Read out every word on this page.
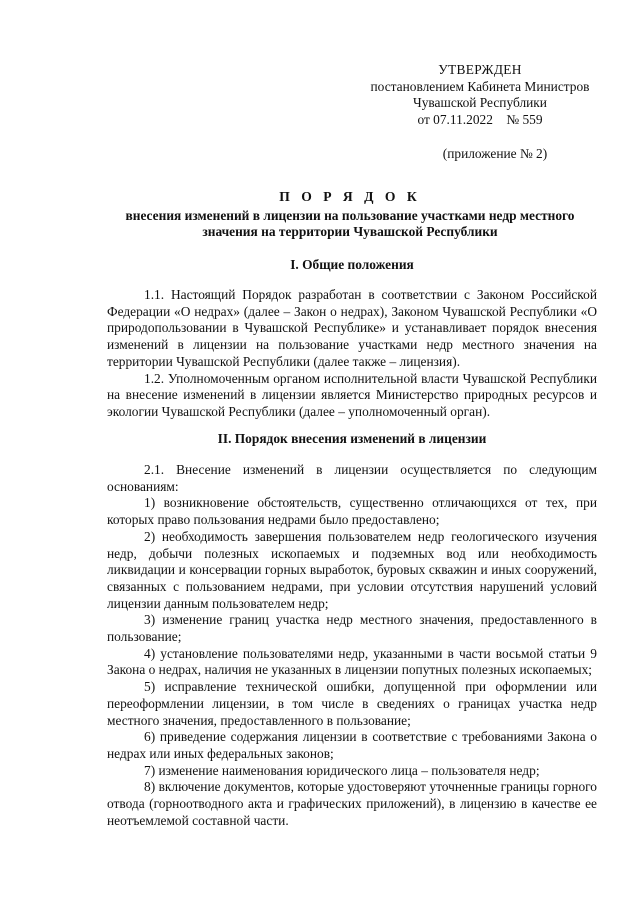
УТВЕРЖДЕН
постановлением Кабинета Министров
Чувашской Республики
от 07.11.2022    № 559
(приложение № 2)
П О Р Я Д О К
внесения изменений в лицензии на пользование участками недр местного значения на территории Чувашской Республики
I. Общие положения

1.1. Настоящий Порядок разработан в соответствии с Законом Российской Федерации «О недрах» (далее – Закон о недрах), Законом Чувашской Республики «О природопользовании в Чувашской Республике» и устанавливает порядок внесения изменений в лицензии на пользование участками недр местного значения на территории Чувашской Республики (далее также – лицензия).

1.2. Уполномоченным органом исполнительной власти Чувашской Республики на внесение изменений в лицензии является Министерство природных ресурсов и экологии Чувашской Республики (далее – уполномоченный орган).

II. Порядок внесения изменений в лицензии

2.1. Внесение изменений в лицензии осуществляется по следующим основаниям:

1) возникновение обстоятельств, существенно отличающихся от тех, при которых право пользования недрами было предоставлено;

2) необходимость завершения пользователем недр геологического изучения недр, добычи полезных ископаемых и подземных вод или необходимость ликвидации и консервации горных выработок, буровых скважин и иных сооружений, связанных с пользованием недрами, при условии отсутствия нарушений условий лицензии данным пользователем недр;

3) изменение границ участка недр местного значения, предоставленного в пользование;

4) установление пользователями недр, указанными в части восьмой статьи 9 Закона о недрах, наличия не указанных в лицензии попутных полезных ископаемых;

5) исправление технической ошибки, допущенной при оформлении или переоформлении лицензии, в том числе в сведениях о границах участка недр местного значения, предоставленного в пользование;

6) приведение содержания лицензии в соответствие с требованиями Закона о недрах или иных федеральных законов;

7) изменение наименования юридического лица – пользователя недр;

8) включение документов, которые удостоверяют уточненные границы горного отвода (горноотводного акта и графических приложений), в лицензию в качестве ее неотъемлемой составной части.
